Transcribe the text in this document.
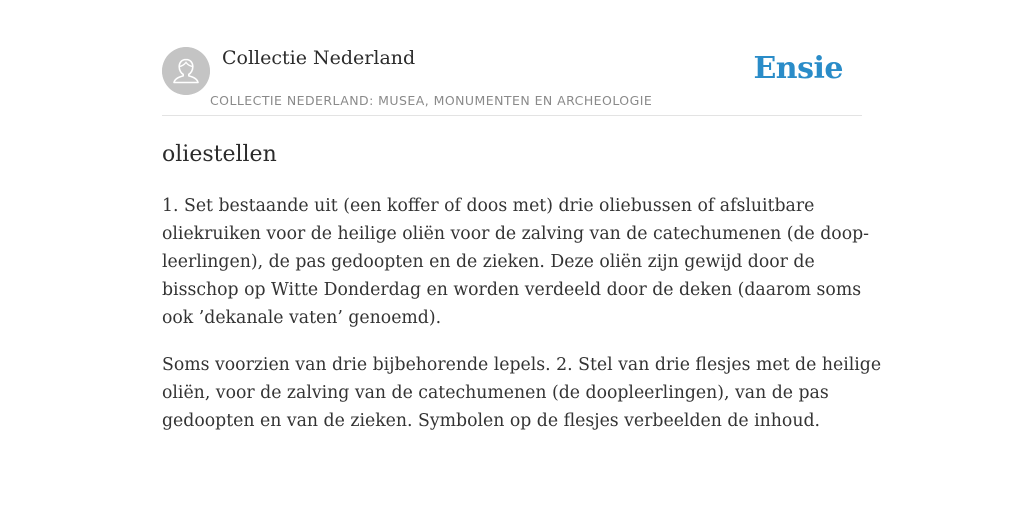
Collectie Nederland
COLLECTIE NEDERLAND: MUSEA, MONUMENTEN EN ARCHEOLOGIE
Ensie
oliestellen

1. Set bestaande uit (een koffer of doos met) drie oliebussen of afsluitbare
oliekruiken voor de heilige oliën voor de zalving van de catechumenen (de doop-
leerlingen), de pas gedoopten en de zieken. Deze oliën zijn gewijd door de
bisschop op Witte Donderdag en worden verdeeld door de deken (daarom soms
ook ’dekanale vaten’ genoemd).

Soms voorzien van drie bijbehorende lepels. 2. Stel van drie flesjes met de heilige
oliën, voor de zalving van de catechumenen (de doopleerlingen), van de pas
gedoopten en van de zieken. Symbolen op de flesjes verbeelden de inhoud.
